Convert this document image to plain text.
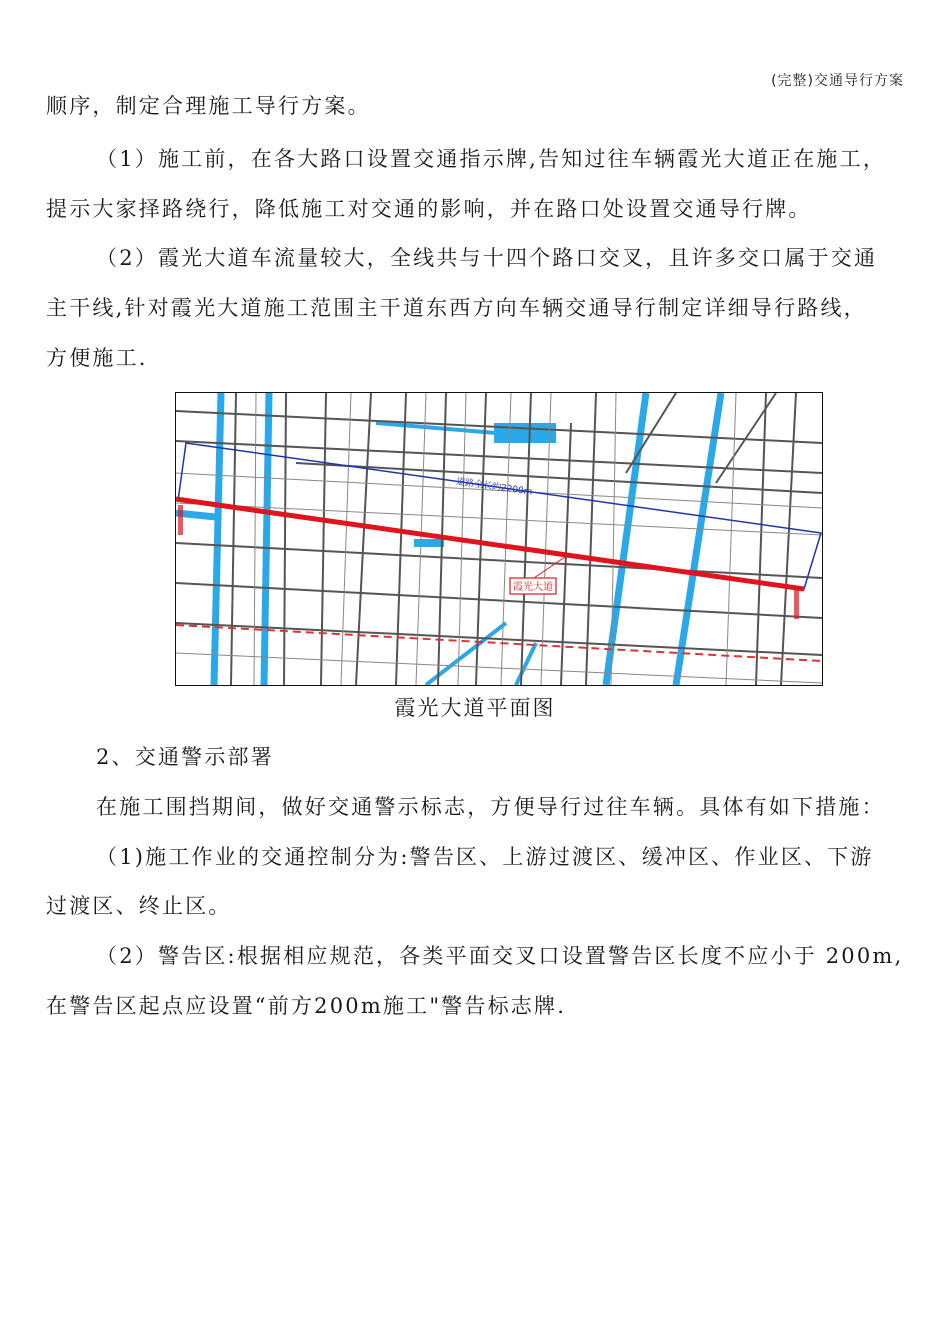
(完整)交通导行方案
顺序，制定合理施工导行方案。
（1）施工前，在各大路口设置交通指示牌,告知过往车辆霞光大道正在施工，
提示大家择路绕行，降低施工对交通的影响，并在路口处设置交通导行牌。
（2）霞光大道车流量较大，全线共与十四个路口交叉，且许多交口属于交通
主干线,针对霞光大道施工范围主干道东西方向车辆交通导行制定详细导行路线，
方便施工.
道路全长约2200m
霞光大道
霞光大道平面图
2、交通警示部署
在施工围挡期间，做好交通警示标志，方便导行过往车辆。具体有如下措施：
（1)施工作业的交通控制分为:警告区、上游过渡区、缓冲区、作业区、下游
过渡区、终止区。
（2）警告区:根据相应规范，各类平面交叉口设置警告区长度不应小于 200m,
在警告区起点应设置“前方200m施工"警告标志牌.
